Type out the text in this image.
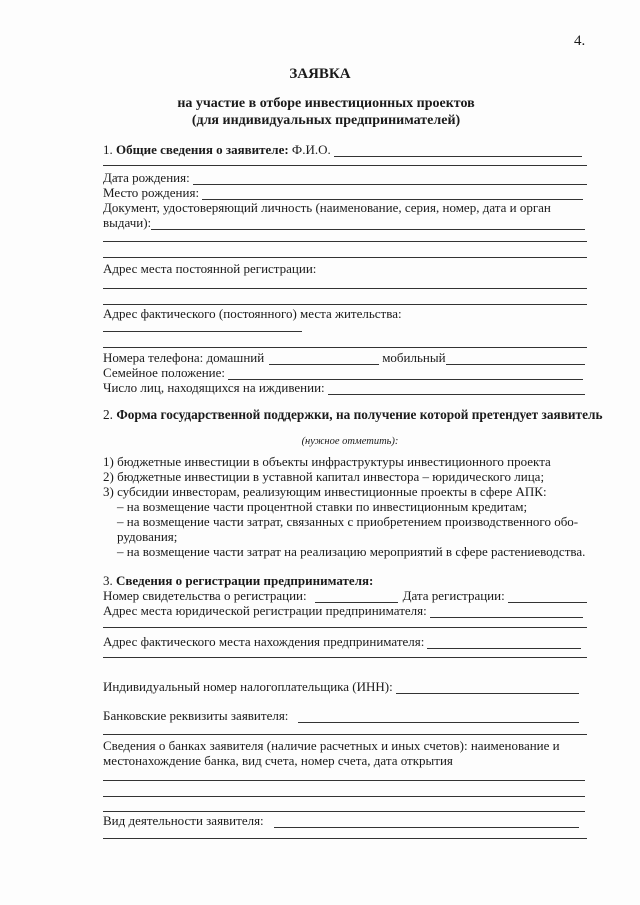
4.
ЗАЯВКА
на участие в отборе инвестиционных проектов
(для индивидуальных предпринимателей)
1.
Общие сведения о заявителе:
Ф.И.О.
Дата рождения:
Место рождения:
Документ, удостоверяющий личность (наименование, серия, номер, дата и орган
выдачи):
Адрес места постоянной регистрации:
Адрес фактического (постоянного) места жительства:
Номера телефона: домашний	мобильный
Семейное положение:
Число лиц, находящихся на иждивении:
2. Форма государственной поддержки, на получение которой претендует заявитель
(нужное отметить):
1) бюджетные инвестиции в объекты инфраструктуры инвестиционного проекта
2) бюджетные инвестиции в уставной капитал инвестора – юридического лица;
3) субсидии инвесторам, реализующим инвестиционные проекты в сфере АПК:
– на возмещение части процентной ставки по инвестиционным кредитам;
– на возмещение части затрат, связанных с приобретением производственного обо-
рудования;
– на возмещение части затрат на реализацию мероприятий в сфере растениеводства.
3. Сведения о регистрации предпринимателя:
Номер свидетельства о регистрации:	Дата регистрации:
Адрес места юридической регистрации предпринимателя:
Адрес фактического места нахождения предпринимателя:
Индивидуальный номер налогоплательщика (ИНН):
Банковские реквизиты заявителя:
Сведения о банках заявителя (наличие расчетных и иных счетов): наименование и
местонахождение банка, вид счета, номер счета, дата открытия
Вид деятельности заявителя:
